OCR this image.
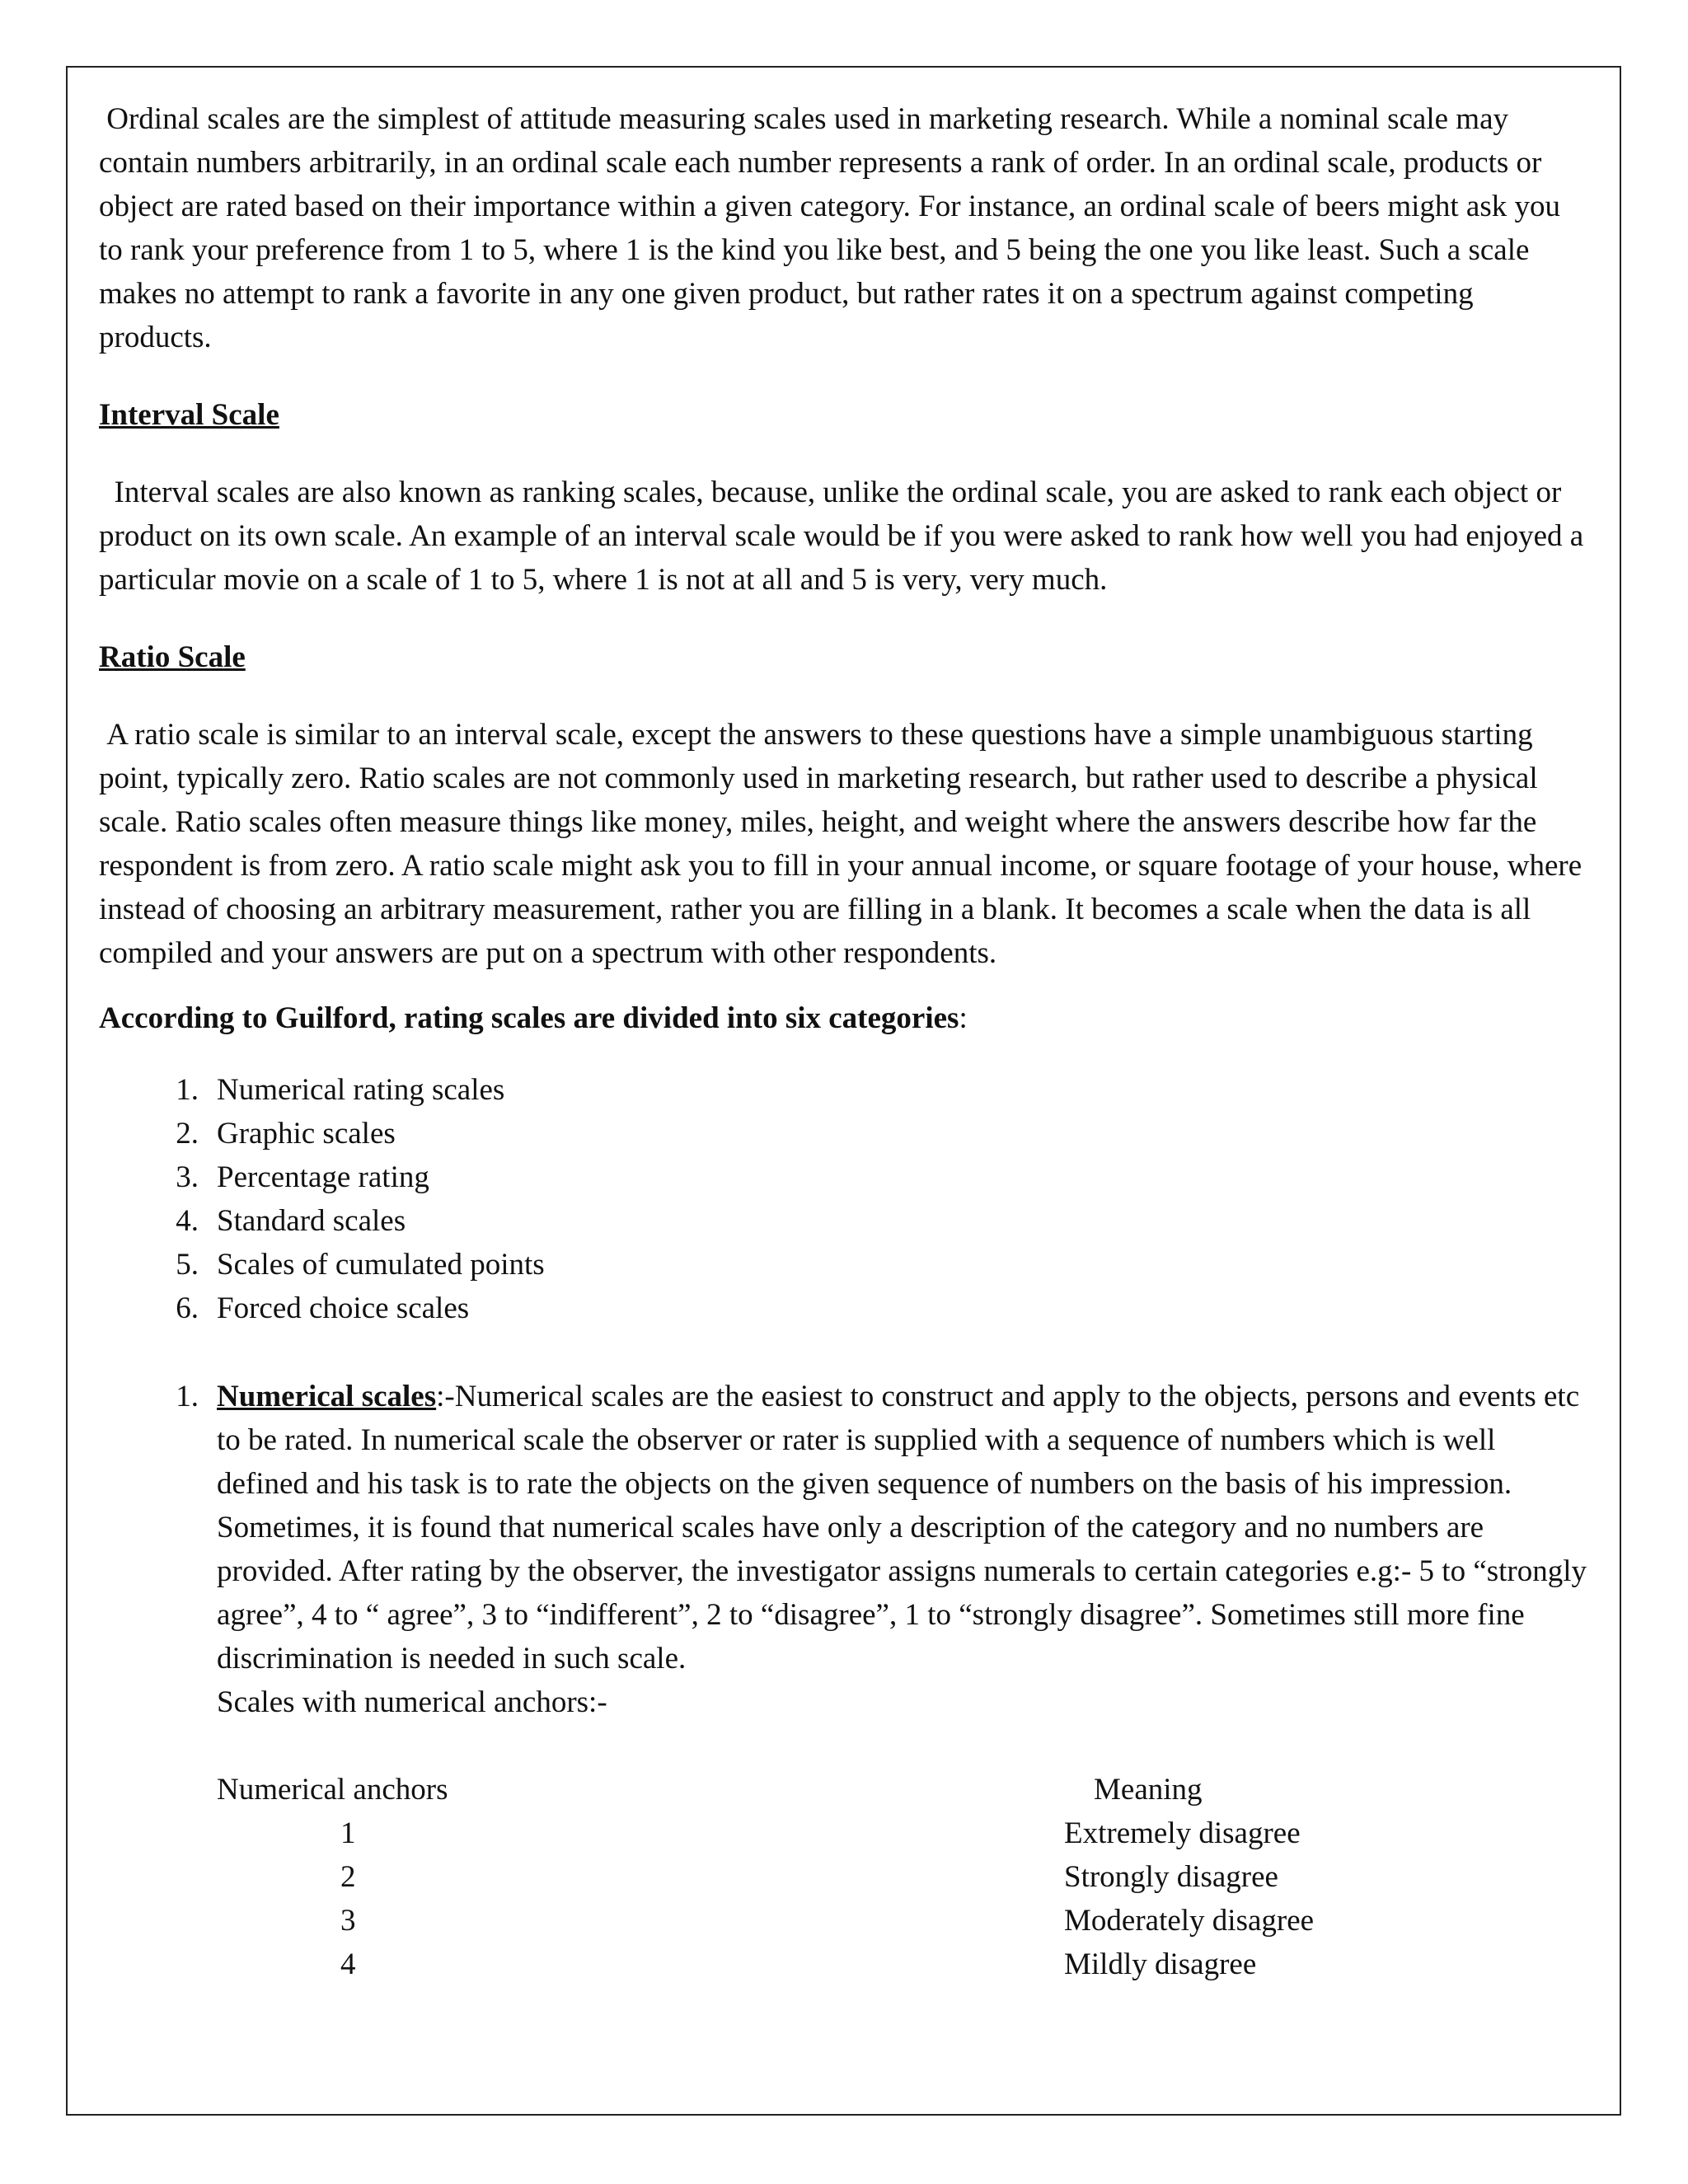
Ordinal scales are the simplest of attitude measuring scales used in marketing research. While a nominal scale may contain numbers arbitrarily, in an ordinal scale each number represents a rank of order. In an ordinal scale, products or object are rated based on their importance within a given category. For instance, an ordinal scale of beers might ask you to rank your preference from 1 to 5, where 1 is the kind you like best, and 5 being the one you like least. Such a scale makes no attempt to rank a favorite in any one given product, but rather rates it on a spectrum against competing products.

Interval Scale

Interval scales are also known as ranking scales, because, unlike the ordinal scale, you are asked to rank each object or product on its own scale. An example of an interval scale would be if you were asked to rank how well you had enjoyed a particular movie on a scale of 1 to 5, where 1 is not at all and 5 is very, very much.

Ratio Scale

A ratio scale is similar to an interval scale, except the answers to these questions have a simple unambiguous starting point, typically zero. Ratio scales are not commonly used in marketing research, but rather used to describe a physical scale. Ratio scales often measure things like money, miles, height, and weight where the answers describe how far the respondent is from zero. A ratio scale might ask you to fill in your annual income, or square footage of your house, where instead of choosing an arbitrary measurement, rather you are filling in a blank. It becomes a scale when the data is all compiled and your answers are put on a spectrum with other respondents.

According to Guilford, rating scales are divided into six categories:

1. Numerical rating scales
2. Graphic scales
3. Percentage rating
4. Standard scales
5. Scales of cumulated points
6. Forced choice scales
1. Numerical scales:-Numerical scales are the easiest to construct and apply to the objects, persons and events etc to be rated. In numerical scale the observer or rater is supplied with a sequence of numbers which is well defined and his task is to rate the objects on the given sequence of numbers on the basis of his impression. Sometimes, it is found that numerical scales have only a description of the category and no numbers are provided. After rating by the observer, the investigator assigns numerals to certain categories e.g:- 5 to “strongly agree”, 4 to “ agree”, 3 to “indifferent”, 2 to “disagree”, 1 to “strongly disagree”. Sometimes still more fine discrimination is needed in such scale.

Scales with numerical anchors:-

Numerical anchors	Meaning
1	Extremely disagree
2	Strongly disagree
3	Moderately disagree
4	Mildly disagree
